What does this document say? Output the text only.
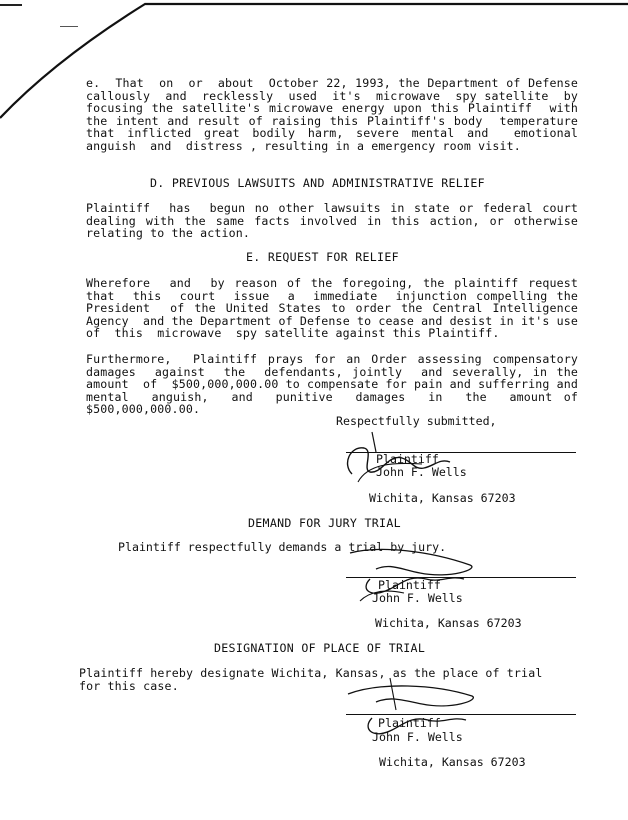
e.  That  on  or  about  October 22, 1993, the Department of Defense  callously  and  recklessly  used  it's  microwave  spy satellite  by focusing the satellite's microwave energy upon this Plaintiff  with the intent and result of raising this Plaintiff's body  temperature that inflicted great bodily harm, severe mental and  emotional  anguish  and  distress , resulting in a emergency room visit.

D. PREVIOUS LAWSUITS AND ADMINISTRATIVE RELIEF

Plaintiff  has  begun no other lawsuits in state or federal court dealing with the same facts involved in this action, or otherwise relating to the action.

E. REQUEST FOR RELIEF

Wherefore  and  by reason of the foregoing, the plaintiff request that  this  court  issue  a  immediate  injunction compelling the President  of the United States to order the Central Intelligence Agency  and the Department of Defense to cease and desist in it's use  of  this  microwave  spy satellite against this Plaintiff.

Furthermore,  Plaintiff prays for an Order assessing compensatory damages  against  the  defendants, jointly  and severally, in the amount  of  $500,000,000.00 to compensate for pain and sufferring and  mental  anguish,  and  punitive  damages  in  the  amount of $500,000,000.00.

Respectfully submitted,
Plaintiff
John F. Wells
Wichita, Kansas 67203
DEMAND FOR JURY TRIAL
Plaintiff respectfully demands a trial by jury.
Plaintiff
John F. Wells
Wichita, Kansas 67203
DESIGNATION OF PLACE OF TRIAL

Plaintiff hereby designate Wichita, Kansas, as the place of trial for this case.

Plaintiff
John F. Wells
Wichita, Kansas 67203
